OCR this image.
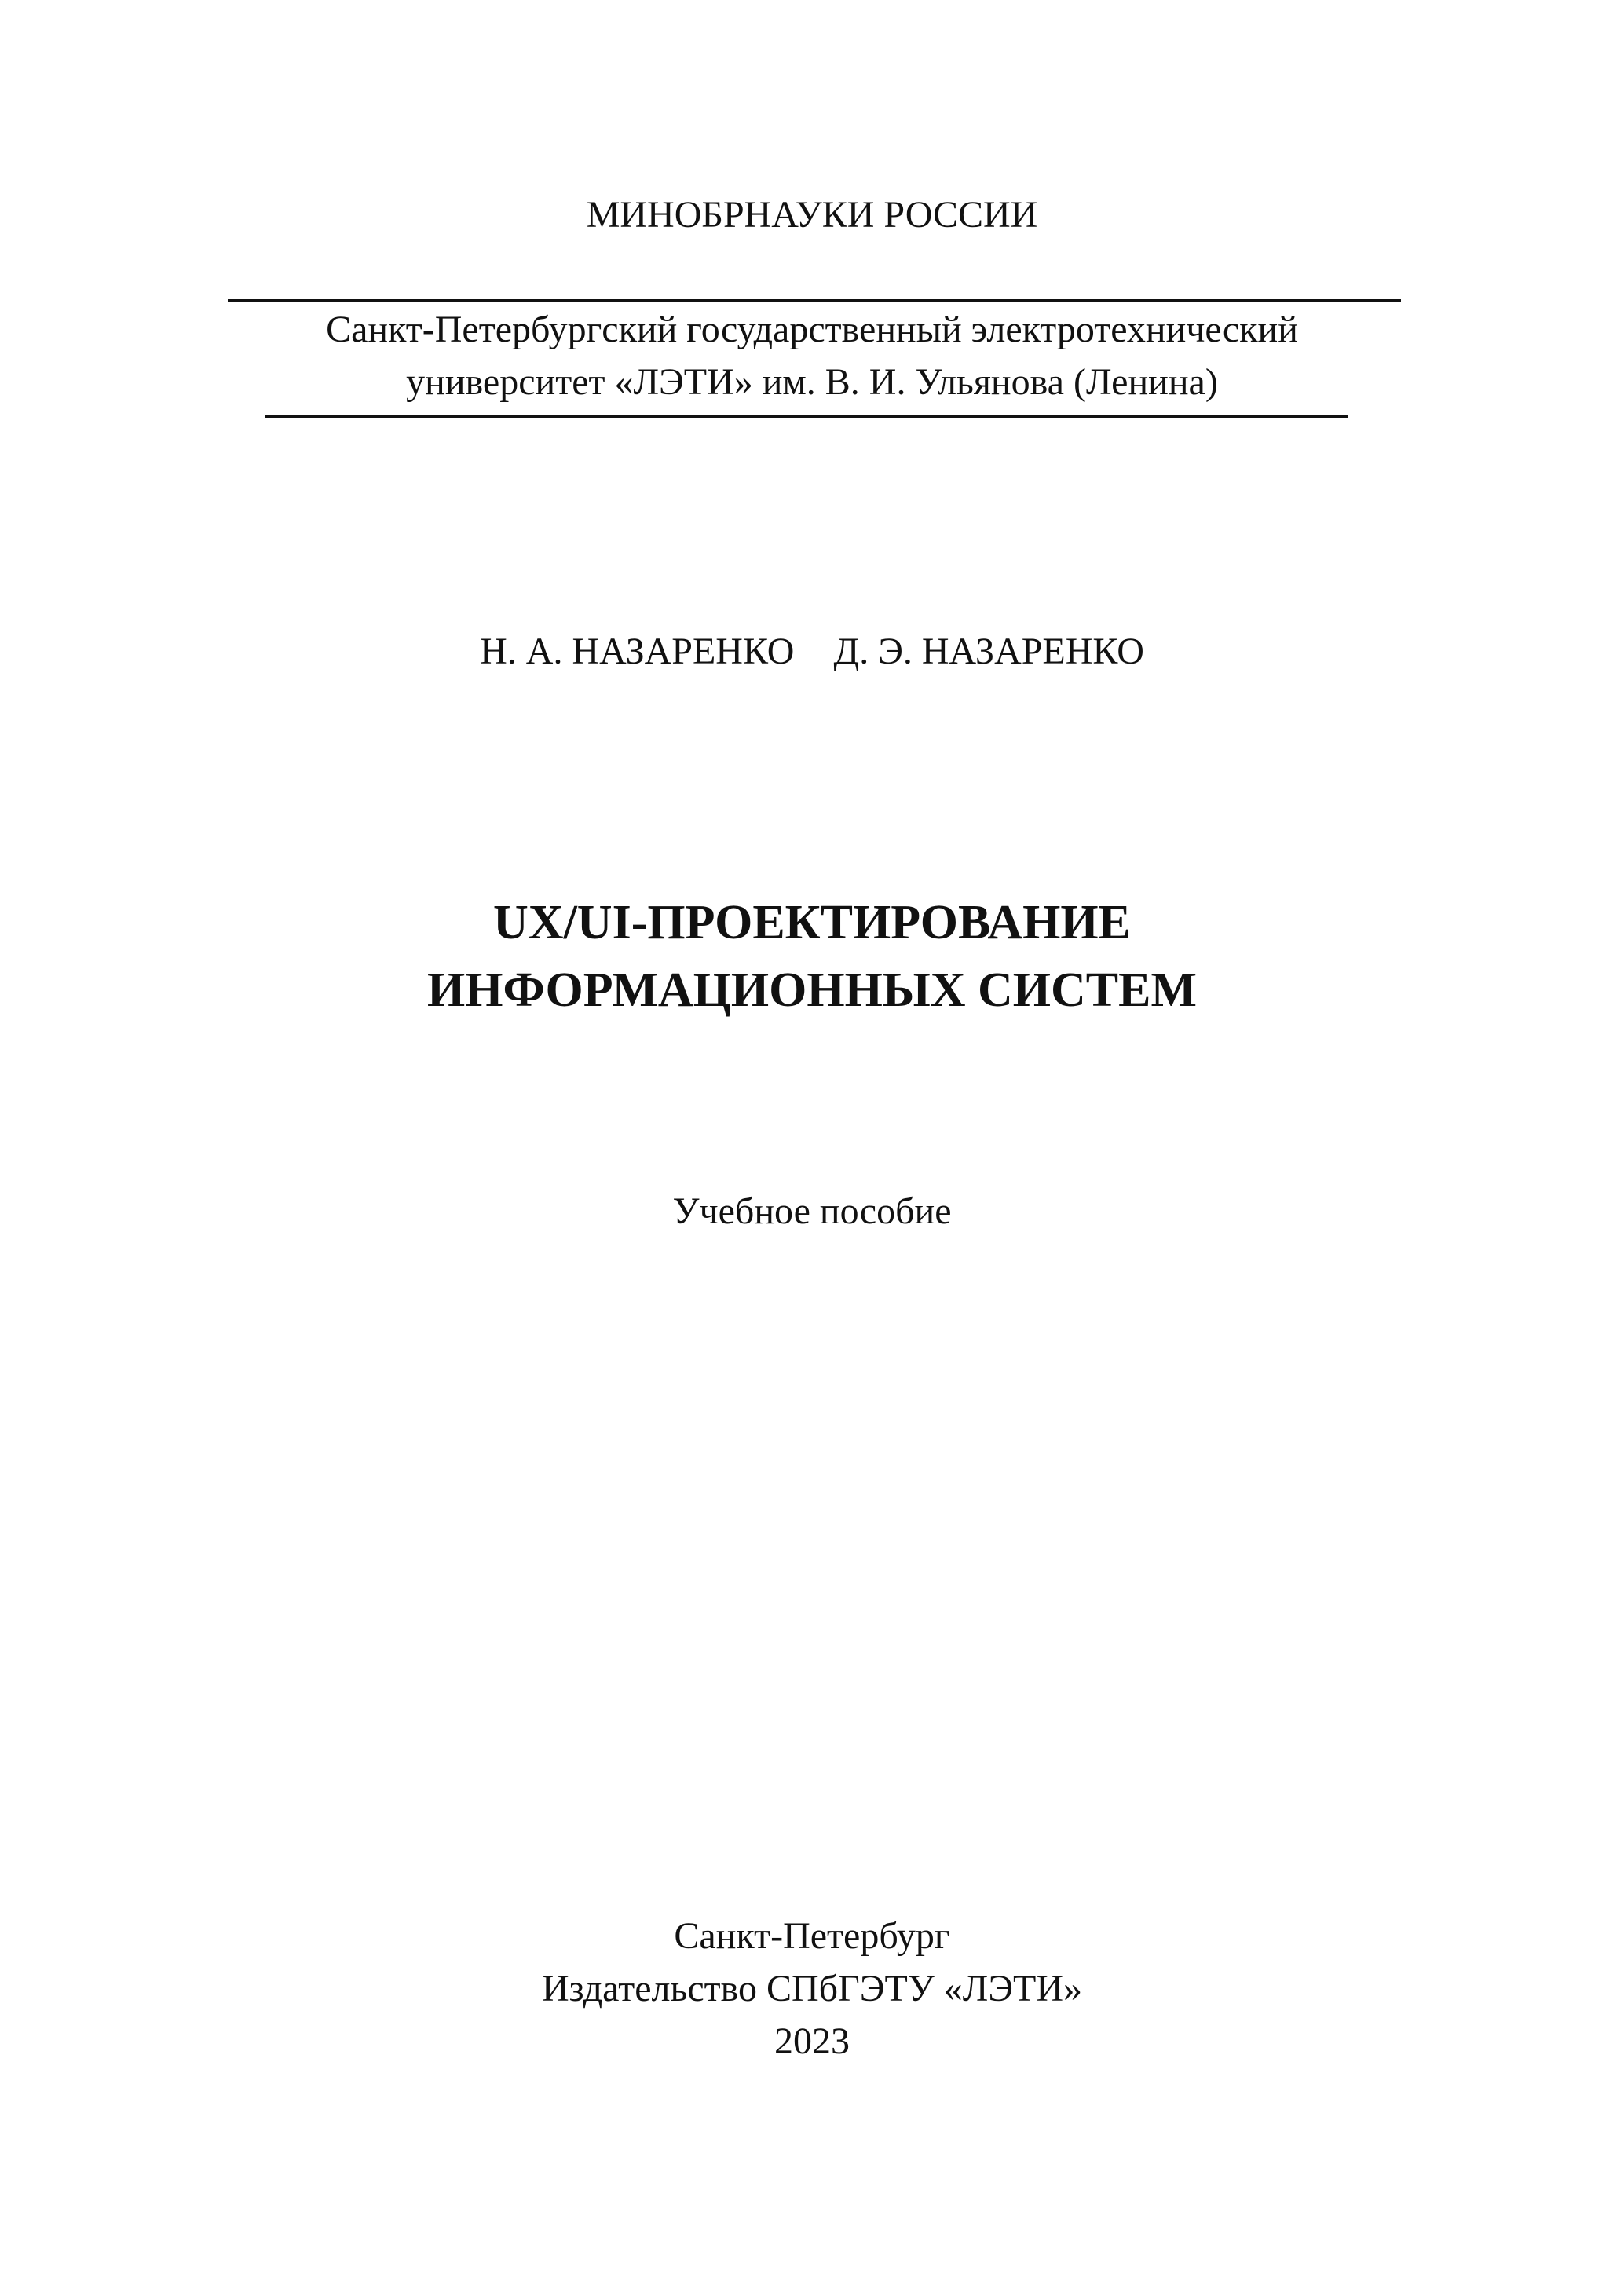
МИНОБРНАУКИ РОССИИ
Санкт-Петербургский государственный электротехнический
университет «ЛЭТИ» им. В. И. Ульянова (Ленина)
Н. А. НАЗАРЕНКО Д. Э. НАЗАРЕНКО
UX/UI-ПРОЕКТИРОВАНИЕ
ИНФОРМАЦИОННЫХ СИСТЕМ
Учебное пособие
Санкт-Петербург
Издательство СПбГЭТУ «ЛЭТИ»
2023
